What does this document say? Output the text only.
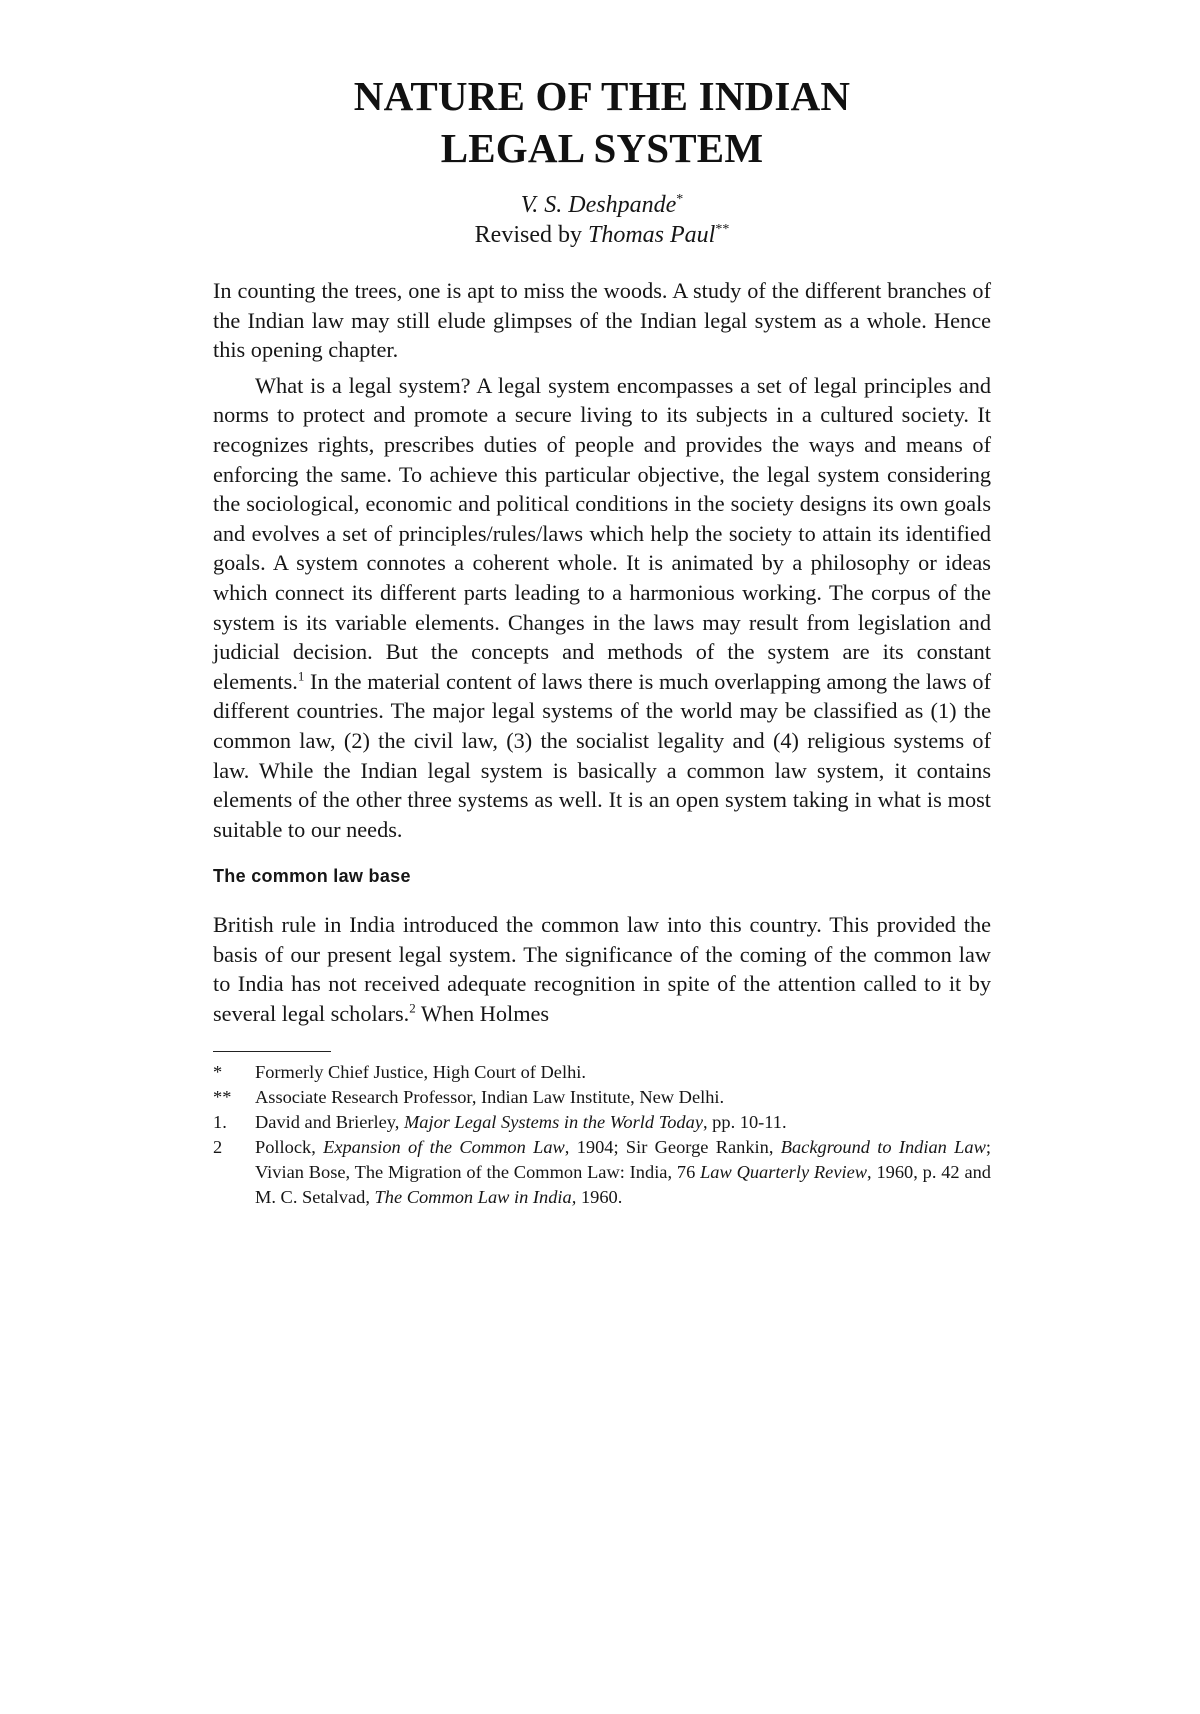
NATURE OF THE INDIAN
LEGAL SYSTEM
V. S. Deshpande*
Revised by Thomas Paul**

In counting the trees, one is apt to miss the woods. A study of the different branches of the Indian law may still elude glimpses of the Indian legal system as a whole. Hence this opening chapter.

What is a legal system? A legal system encompasses a set of legal principles and norms to protect and promote a secure living to its subjects in a cultured society. It recognizes rights, prescribes duties of people and provides the ways and means of enforcing the same. To achieve this particular objective, the legal system considering the sociological, economic and political conditions in the society designs its own goals and evolves a set of principles/rules/laws which help the society to attain its identified goals. A system connotes a coherent whole. It is animated by a philosophy or ideas which connect its different parts leading to a harmonious working. The corpus of the system is its variable elements. Changes in the laws may result from legislation and judicial decision. But the concepts and methods of the system are its constant elements.$^1$ In the material content of laws there is much overlapping among the laws of different countries. The major legal systems of the world may be classified as (1) the common law, (2) the civil law, (3) the socialist legality and (4) religious systems of law. While the Indian legal system is basically a common law system, it contains elements of the other three systems as well. It is an open system taking in what is most suitable to our needs.

The common law base

British rule in India introduced the common law into this country. This provided the basis of our present legal system. The significance of the coming of the common law to India has not received adequate recognition in spite of the attention called to it by several legal scholars.$^2$ When Holmes

*	Formerly Chief Justice, High Court of Delhi.
**	Associate Research Professor, Indian Law Institute, New Delhi.
1.	David and Brierley, Major Legal Systems in the World Today, pp. 10-11.
2	Pollock, Expansion of the Common Law, 1904; Sir George Rankin, Background to Indian Law; Vivian Bose, The Migration of the Common Law: India, 76 Law Quarterly Review, 1960, p. 42 and M. C. Setalvad, The Common Law in India, 1960.
